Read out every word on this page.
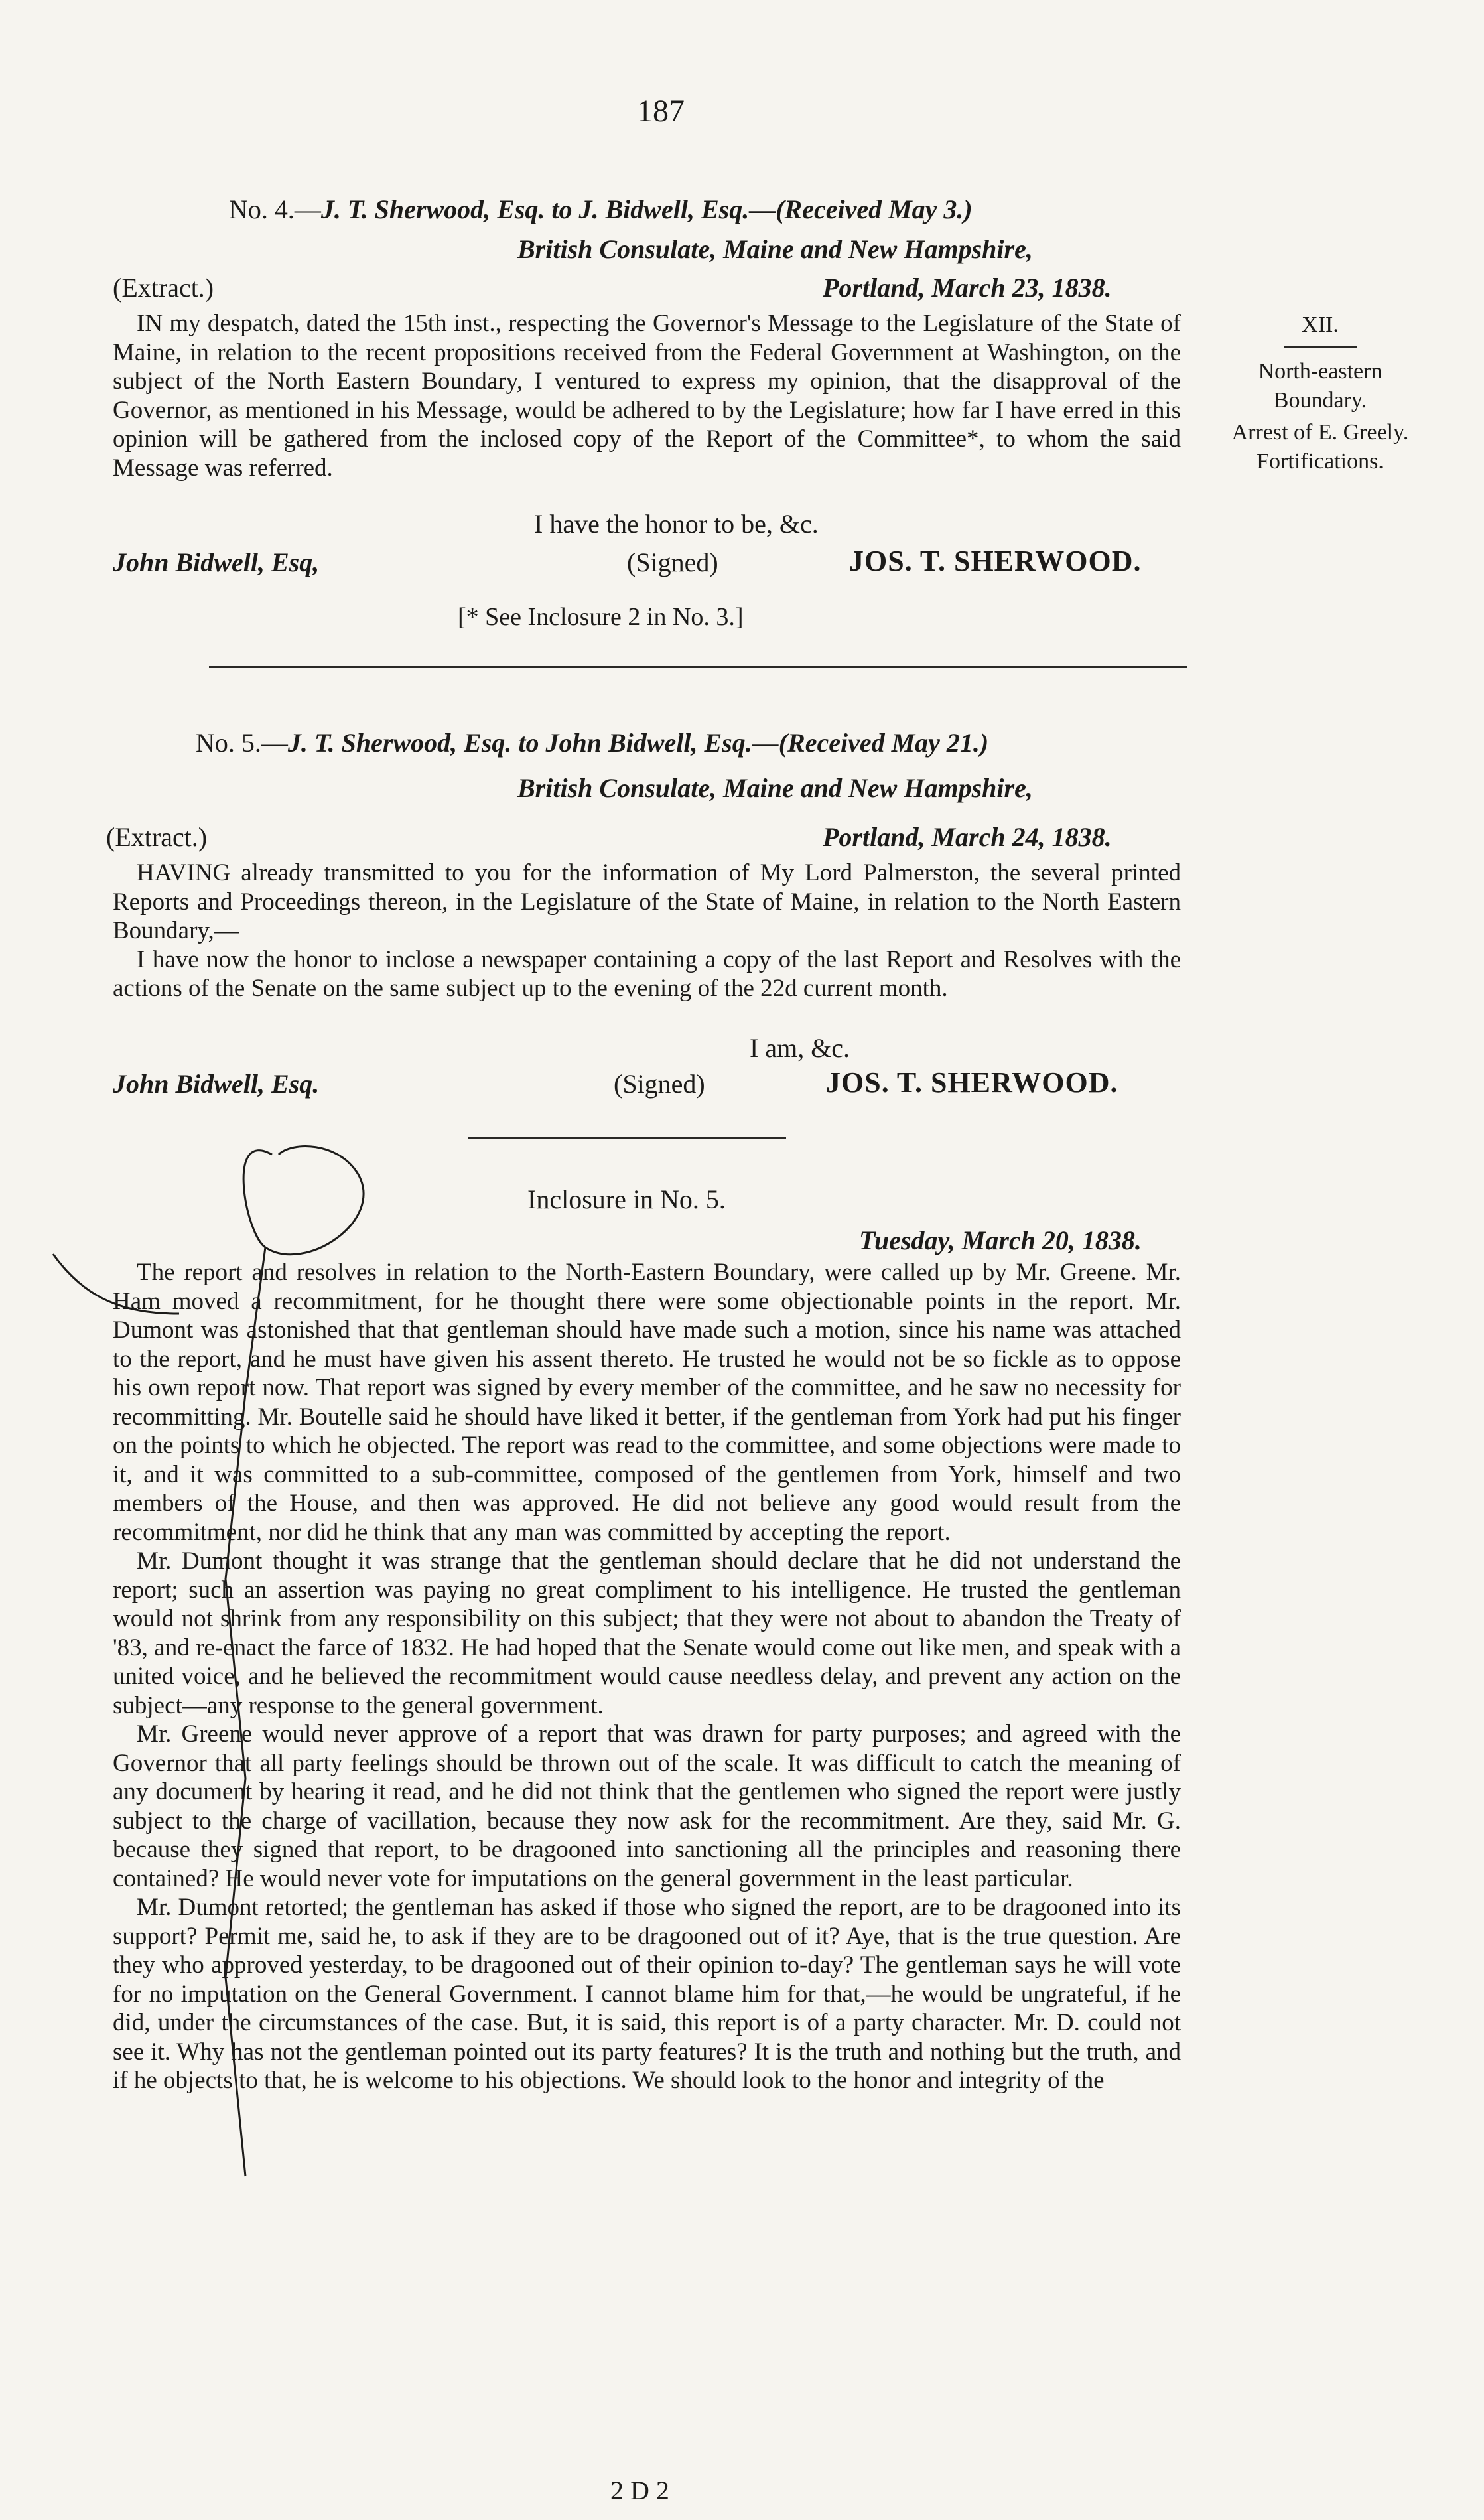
187
No. 4.—J. T. Sherwood, Esq. to J. Bidwell, Esq.—(Received May 3.)
British Consulate, Maine and New Hampshire,
(Extract.)	Portland, March 23, 1838.

IN my despatch, dated the 15th inst., respecting the Governor's Message to the Legislature of the State of Maine, in relation to the recent propositions received from the Federal Government at Washington, on the subject of the North Eastern Boundary, I ventured to express my opinion, that the disapproval of the Governor, as mentioned in his Message, would be adhered to by the Legislature; how far I have erred in this opinion will be gathered from the inclosed copy of the Report of the Committee*, to whom the said Message was referred.

I have the honor to be, &c.
John Bidwell, Esq,	(Signed)	JOS. T. SHERWOOD.
[* See Inclosure 2 in No. 3.]
XII.
North-eastern Boundary.
Arrest of E. Greely. Fortifications.
No. 5.—J. T. Sherwood, Esq. to John Bidwell, Esq.—(Received May 21.)
British Consulate, Maine and New Hampshire,
(Extract.)	Portland, March 24, 1838.

HAVING already transmitted to you for the information of My Lord Palmerston, the several printed Reports and Proceedings thereon, in the Legislature of the State of Maine, in relation to the North Eastern Boundary,—

I have now the honor to inclose a newspaper containing a copy of the last Report and Resolves with the actions of the Senate on the same subject up to the evening of the 22d current month.

I am, &c.
John Bidwell, Esq.	(Signed)	JOS. T. SHERWOOD.
Inclosure in No. 5.
Tuesday, March 20, 1838.

The report and resolves in relation to the North-Eastern Boundary, were called up by Mr. Greene. Mr. Ham moved a recommitment, for he thought there were some objectionable points in the report. Mr. Dumont was astonished that that gentleman should have made such a motion, since his name was attached to the report, and he must have given his assent thereto. He trusted he would not be so fickle as to oppose his own report now. That report was signed by every member of the committee, and he saw no necessity for recommitting. Mr. Boutelle said he should have liked it better, if the gentleman from York had put his finger on the points to which he objected. The report was read to the committee, and some objections were made to it, and it was committed to a sub-committee, composed of the gentlemen from York, himself and two members of the House, and then was approved. He did not believe any good would result from the recommitment, nor did he think that any man was committed by accepting the report.

Mr. Dumont thought it was strange that the gentleman should declare that he did not understand the report; such an assertion was paying no great compliment to his intelligence. He trusted the gentleman would not shrink from any responsibility on this subject; that they were not about to abandon the Treaty of '83, and re-enact the farce of 1832. He had hoped that the Senate would come out like men, and speak with a united voice, and he believed the recommitment would cause needless delay, and prevent any action on the subject—any response to the general government.

Mr. Greene would never approve of a report that was drawn for party purposes; and agreed with the Governor that all party feelings should be thrown out of the scale. It was difficult to catch the meaning of any document by hearing it read, and he did not think that the gentlemen who signed the report were justly subject to the charge of vacillation, because they now ask for the recommitment. Are they, said Mr. G. because they signed that report, to be dragooned into sanctioning all the principles and reasoning there contained? He would never vote for imputations on the general government in the least particular.

Mr. Dumont retorted; the gentleman has asked if those who signed the report, are to be dragooned into its support? Permit me, said he, to ask if they are to be dragooned out of it? Aye, that is the true question. Are they who approved yesterday, to be dragooned out of their opinion to-day? The gentleman says he will vote for no imputation on the General Government. I cannot blame him for that,—he would be ungrateful, if he did, under the circumstances of the case. But, it is said, this report is of a party character. Mr. D. could not see it. Why has not the gentleman pointed out its party features? It is the truth and nothing but the truth, and if he objects to that, he is welcome to his objections. We should look to the honor and integrity of the

2 D 2
